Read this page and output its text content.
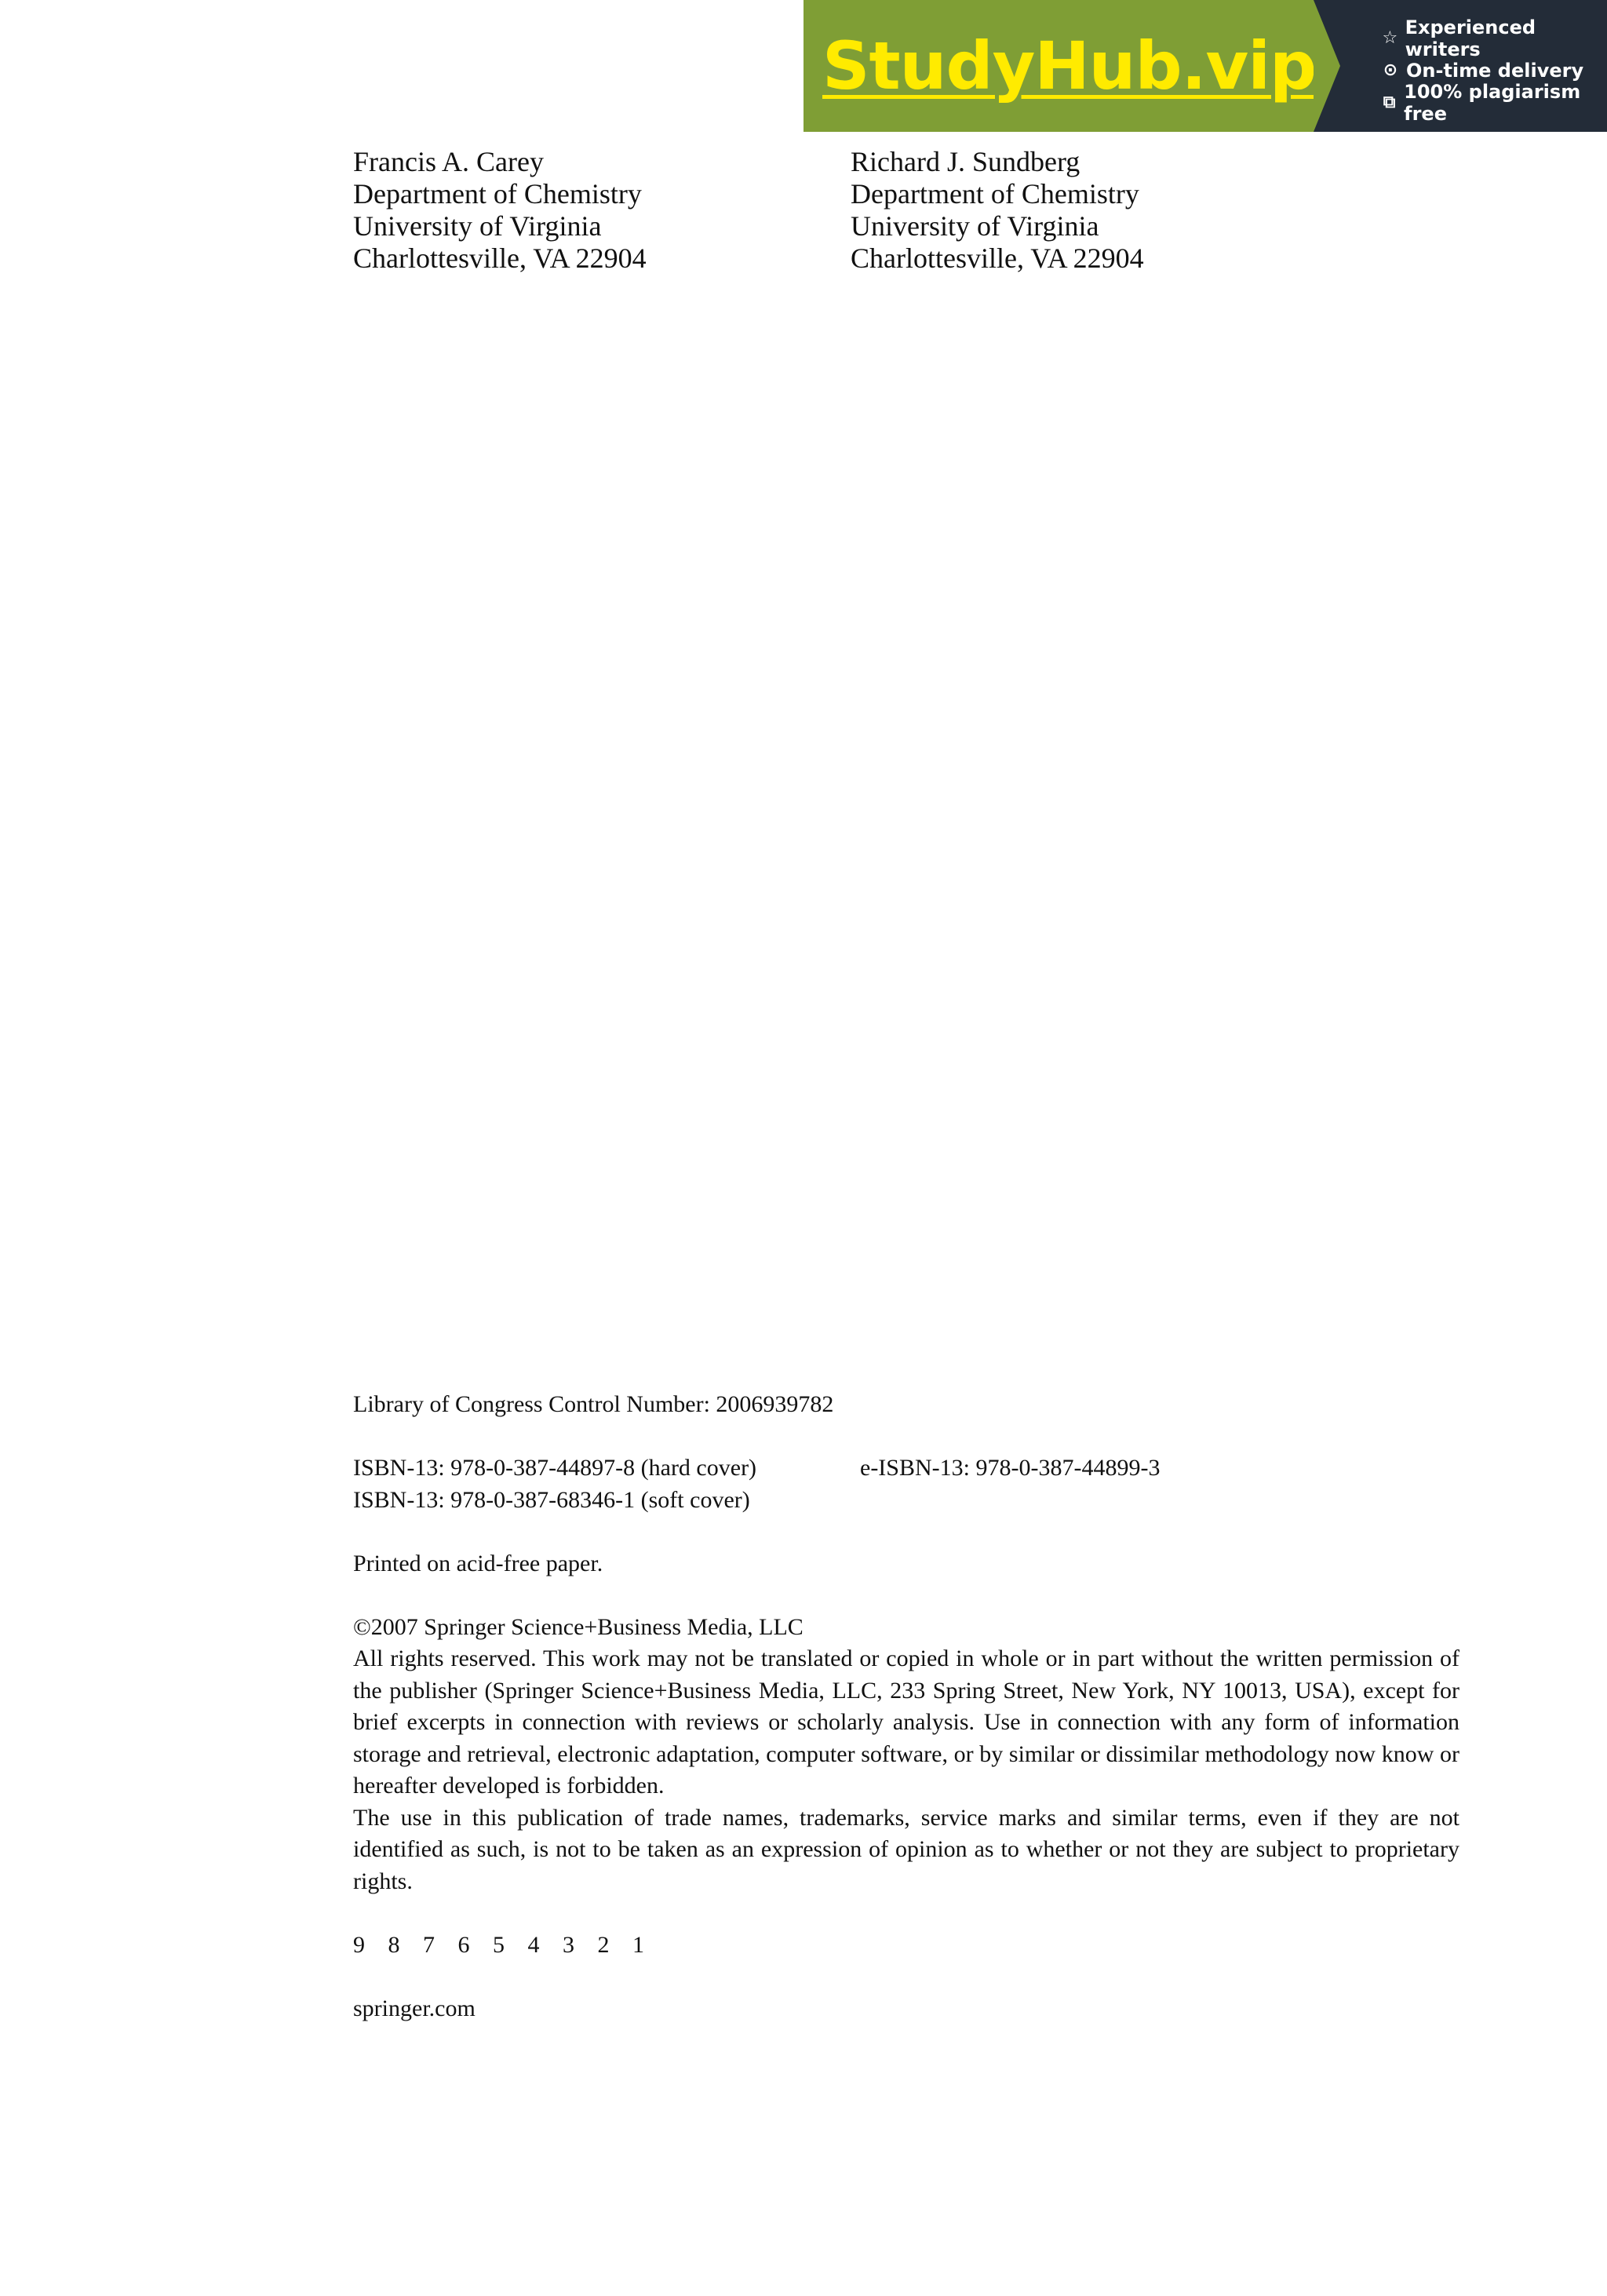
StudyHub.vip	☆ Experienced writers
⊙ On-time delivery
⧉ 100% plagiarism free
Francis A. Carey
Department of Chemistry
University of Virginia
Charlottesville, VA 22904
Richard J. Sundberg
Department of Chemistry
University of Virginia
Charlottesville, VA 22904

Library of Congress Control Number: 2006939782

ISBN-13: 978-0-387-44897-8 (hard cover)	e-ISBN-13: 978-0-387-44899-3

ISBN-13: 978-0-387-68346-1 (soft cover)

Printed on acid-free paper.

©2007 Springer Science+Business Media, LLC

All rights reserved. This work may not be translated or copied in whole or in part without the written permission of the publisher (Springer Science+Business Media, LLC, 233 Spring Street, New York, NY 10013, USA), except for brief excerpts in connection with reviews or scholarly analysis. Use in connection with any form of information storage and retrieval, electronic adaptation, computer software, or by similar or dissimilar methodology now know or hereafter developed is forbidden.

The use in this publication of trade names, trademarks, service marks and similar terms, even if they are not identified as such, is not to be taken as an expression of opinion as to whether or not they are subject to proprietary rights.

9 8 7 6 5 4 3 2 1

springer.com
